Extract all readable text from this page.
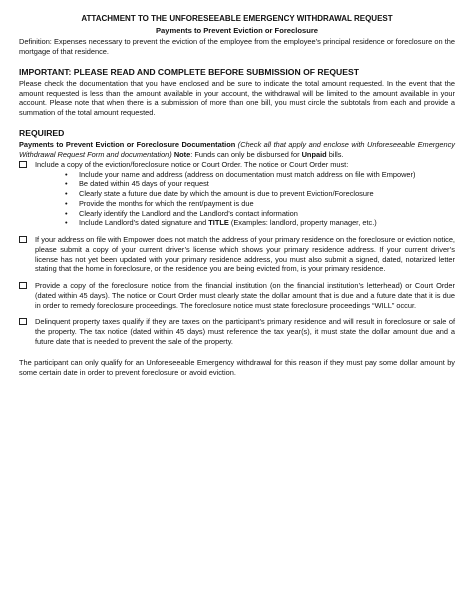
ATTACHMENT TO THE UNFORESEEABLE EMERGENCY WITHDRAWAL REQUEST

Payments to Prevent Eviction or Foreclosure

Definition: Expenses necessary to prevent the eviction of the employee from the employee’s principal residence or foreclosure on the mortgage of that residence.

IMPORTANT: PLEASE READ AND COMPLETE BEFORE SUBMISSION OF REQUEST

Please check the documentation that you have enclosed and be sure to indicate the total amount requested. In the event that the amount requested is less than the amount available in your account, the withdrawal will be limited to the amount available in your account. Please note that when there is a submission of more than one bill, you must circle the subtotals from each and provide a summation of the total amount requested.

REQUIRED

Payments to Prevent Eviction or Foreclosure Documentation (Check all that apply and enclose with Unforeseeable Emergency Withdrawal Request Form and documentation) Note: Funds can only be disbursed for Unpaid bills.

Include a copy of the eviction/foreclosure notice or Court Order. The notice or Court Order must:

• Include your name and address (address on documentation must match address on file with Empower)
• Be dated within 45 days of your request
• Clearly state a future due date by which the amount is due to prevent Eviction/Foreclosure
• Provide the months for which the rent/payment is due
• Clearly identify the Landlord and the Landlord’s contact information
• Include Landlord’s dated signature and TITLE (Examples: landlord, property manager, etc.)

If your address on file with Empower does not match the address of your primary residence on the foreclosure or eviction notice, please submit a copy of your current driver’s license which shows your primary residence address. If your current driver’s license has not yet been updated with your primary residence address, you must also submit a signed, dated, notarized letter stating that the home in foreclosure, or the residence you are being evicted from, is your primary residence.

Provide a copy of the foreclosure notice from the financial institution (on the financial institution’s letterhead) or Court Order (dated within 45 days). The notice or Court Order must clearly state the dollar amount that is due and a future date that it is due in order to remedy foreclosure proceedings. The foreclosure notice must state foreclosure proceedings “WILL” occur.

Delinquent property taxes qualify if they are taxes on the participant’s primary residence and will result in foreclosure or sale of the property. The tax notice (dated within 45 days) must reference the tax year(s), it must state the dollar amount due and a future date that is needed to prevent the sale of the property.

The participant can only qualify for an Unforeseeable Emergency withdrawal for this reason if they must pay some dollar amount by some certain date in order to prevent foreclosure or avoid eviction.
